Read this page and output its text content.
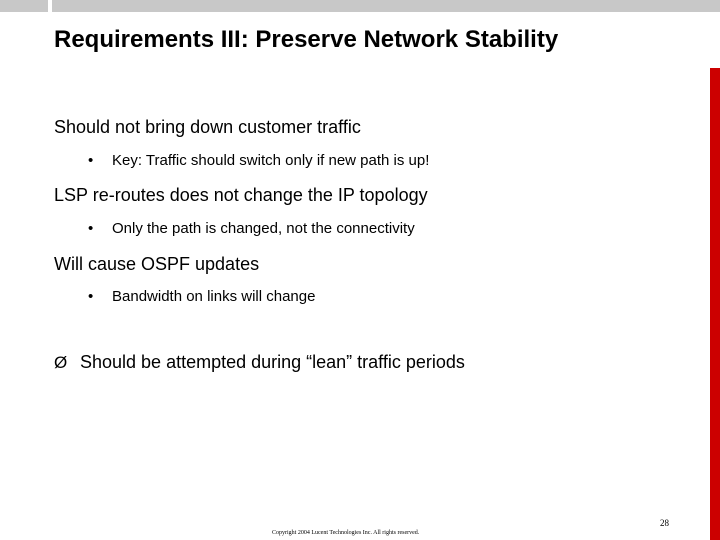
Requirements III: Preserve Network Stability
Should not bring down customer traffic
• Key: Traffic should switch only if new path is up!
LSP re-routes does not change the IP topology
• Only the path is changed, not the connectivity
Will cause OSPF updates
• Bandwidth on links will change
Ø Should be attempted during “lean” traffic periods
28
Copyright 2004 Lucent Technologies Inc. All rights reserved.
